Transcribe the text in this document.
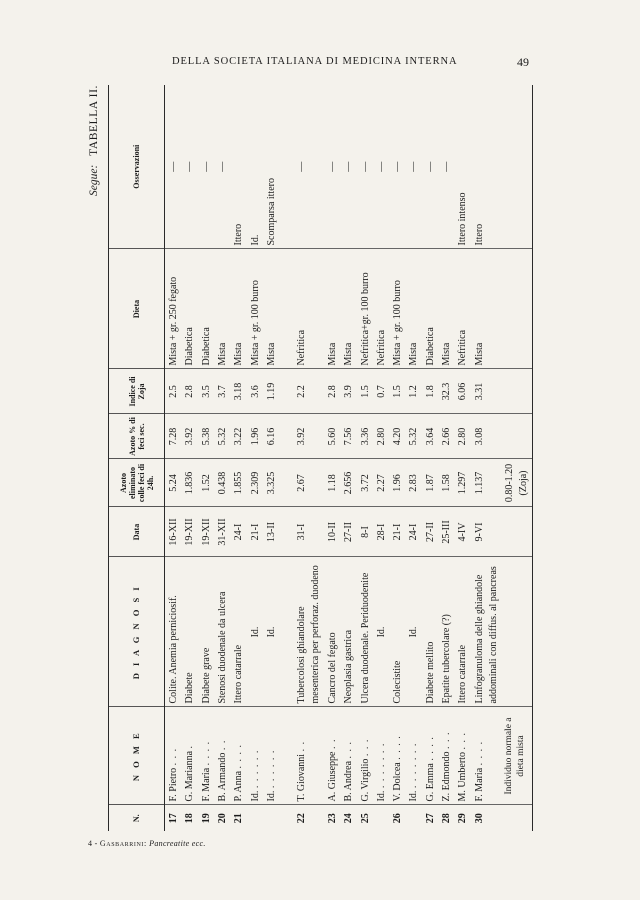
DELLA SOCIETA ITALIANA DI MEDICINA INTERNA	49
Segue: TABELLA II.
N.	N O M E	D I A G N O S I	Data	Azoto eliminato colle feci di 24h.	Azoto % di feci sec.	Indice di Zoja	Dieta	Osservazioni
17	F. Pietro . . .	Colite. Anemia perniciosif.	16-XII	5.24	7.28	2.5	Mista + gr. 250 fegato	—
18	G. Marianna .	Diabete	19-XII	1.836	3.92	2.8	Diabetica	—
19	F. Maria . . . .	Diabete grave	19-XII	1.52	5.38	3.5	Diabetica	—
20	B. Armando . .	Stenosi duodenale da ulcera	31-XII	0.438	5.32	3.7	Mista	—
21	P. Anna . . . .	Ittero catarrale	24-I	1.855	3.22	3.18	Mista	Ittero
	Id. . . . . . .	Id.	21-I	2.309	1.96	3.6	Mista + gr. 100 burro	Id.
	Id. . . . . . .	Id.	13-II	3.325	6.16	1.19	Mista	Scomparsa ittero
22	T. Giovanni . .	Tubercolosi ghiandolare mesenterica per perforaz. duodeno	31-I	2.67	3.92	2.2	Nefritica	—
23	A. Giuseppe . .	Cancro del fegato	10-II	1.18	5.60	2.8	Mista	—
24	B. Andrea . . .	Neoplasia gastrica	27-II	2.656	7.56	3.9	Mista	—
25	G. Virgilio . . .	Ulcera duodenale. Periduodenite	8-I	3.72	3.36	1.5	Nefritica+gr. 100 burro	—
	Id. . . . . . . .	Id.	28-I	2.27	2.80	0.7	Nefritica	—
26	V. Dolcea . . . .	Colecistite	21-I	1.96	4.20	1.5	Mista + gr. 100 burro	—
	Id. . . . . . . .	Id.	24-I	2.83	5.32	1.2	Mista	—
27	G. Emma . . . .	Diabete mellito	27-II	1.87	3.64	1.8	Diabetica	—
28	Z. Edmondo . . .	Epatite tubercolare (?)	25-III	1.58	2.66	32.3	Mista	—
29	M. Umberto . . .	Ittero catarrale	4-IV	1.297	2.80	6.06	Nefritica	Ittero intenso
30	F. Maria . . . .	Linfogranuloma delle ghiandole addominali con diffus. al pancreas	9-VI	1.137	3.08	3.31	Mista	Ittero
	Individuo normale a dieta mista			0.80-1.20 (Zoja)				
4 - Gasbarrini: Pancreatite ecc.
